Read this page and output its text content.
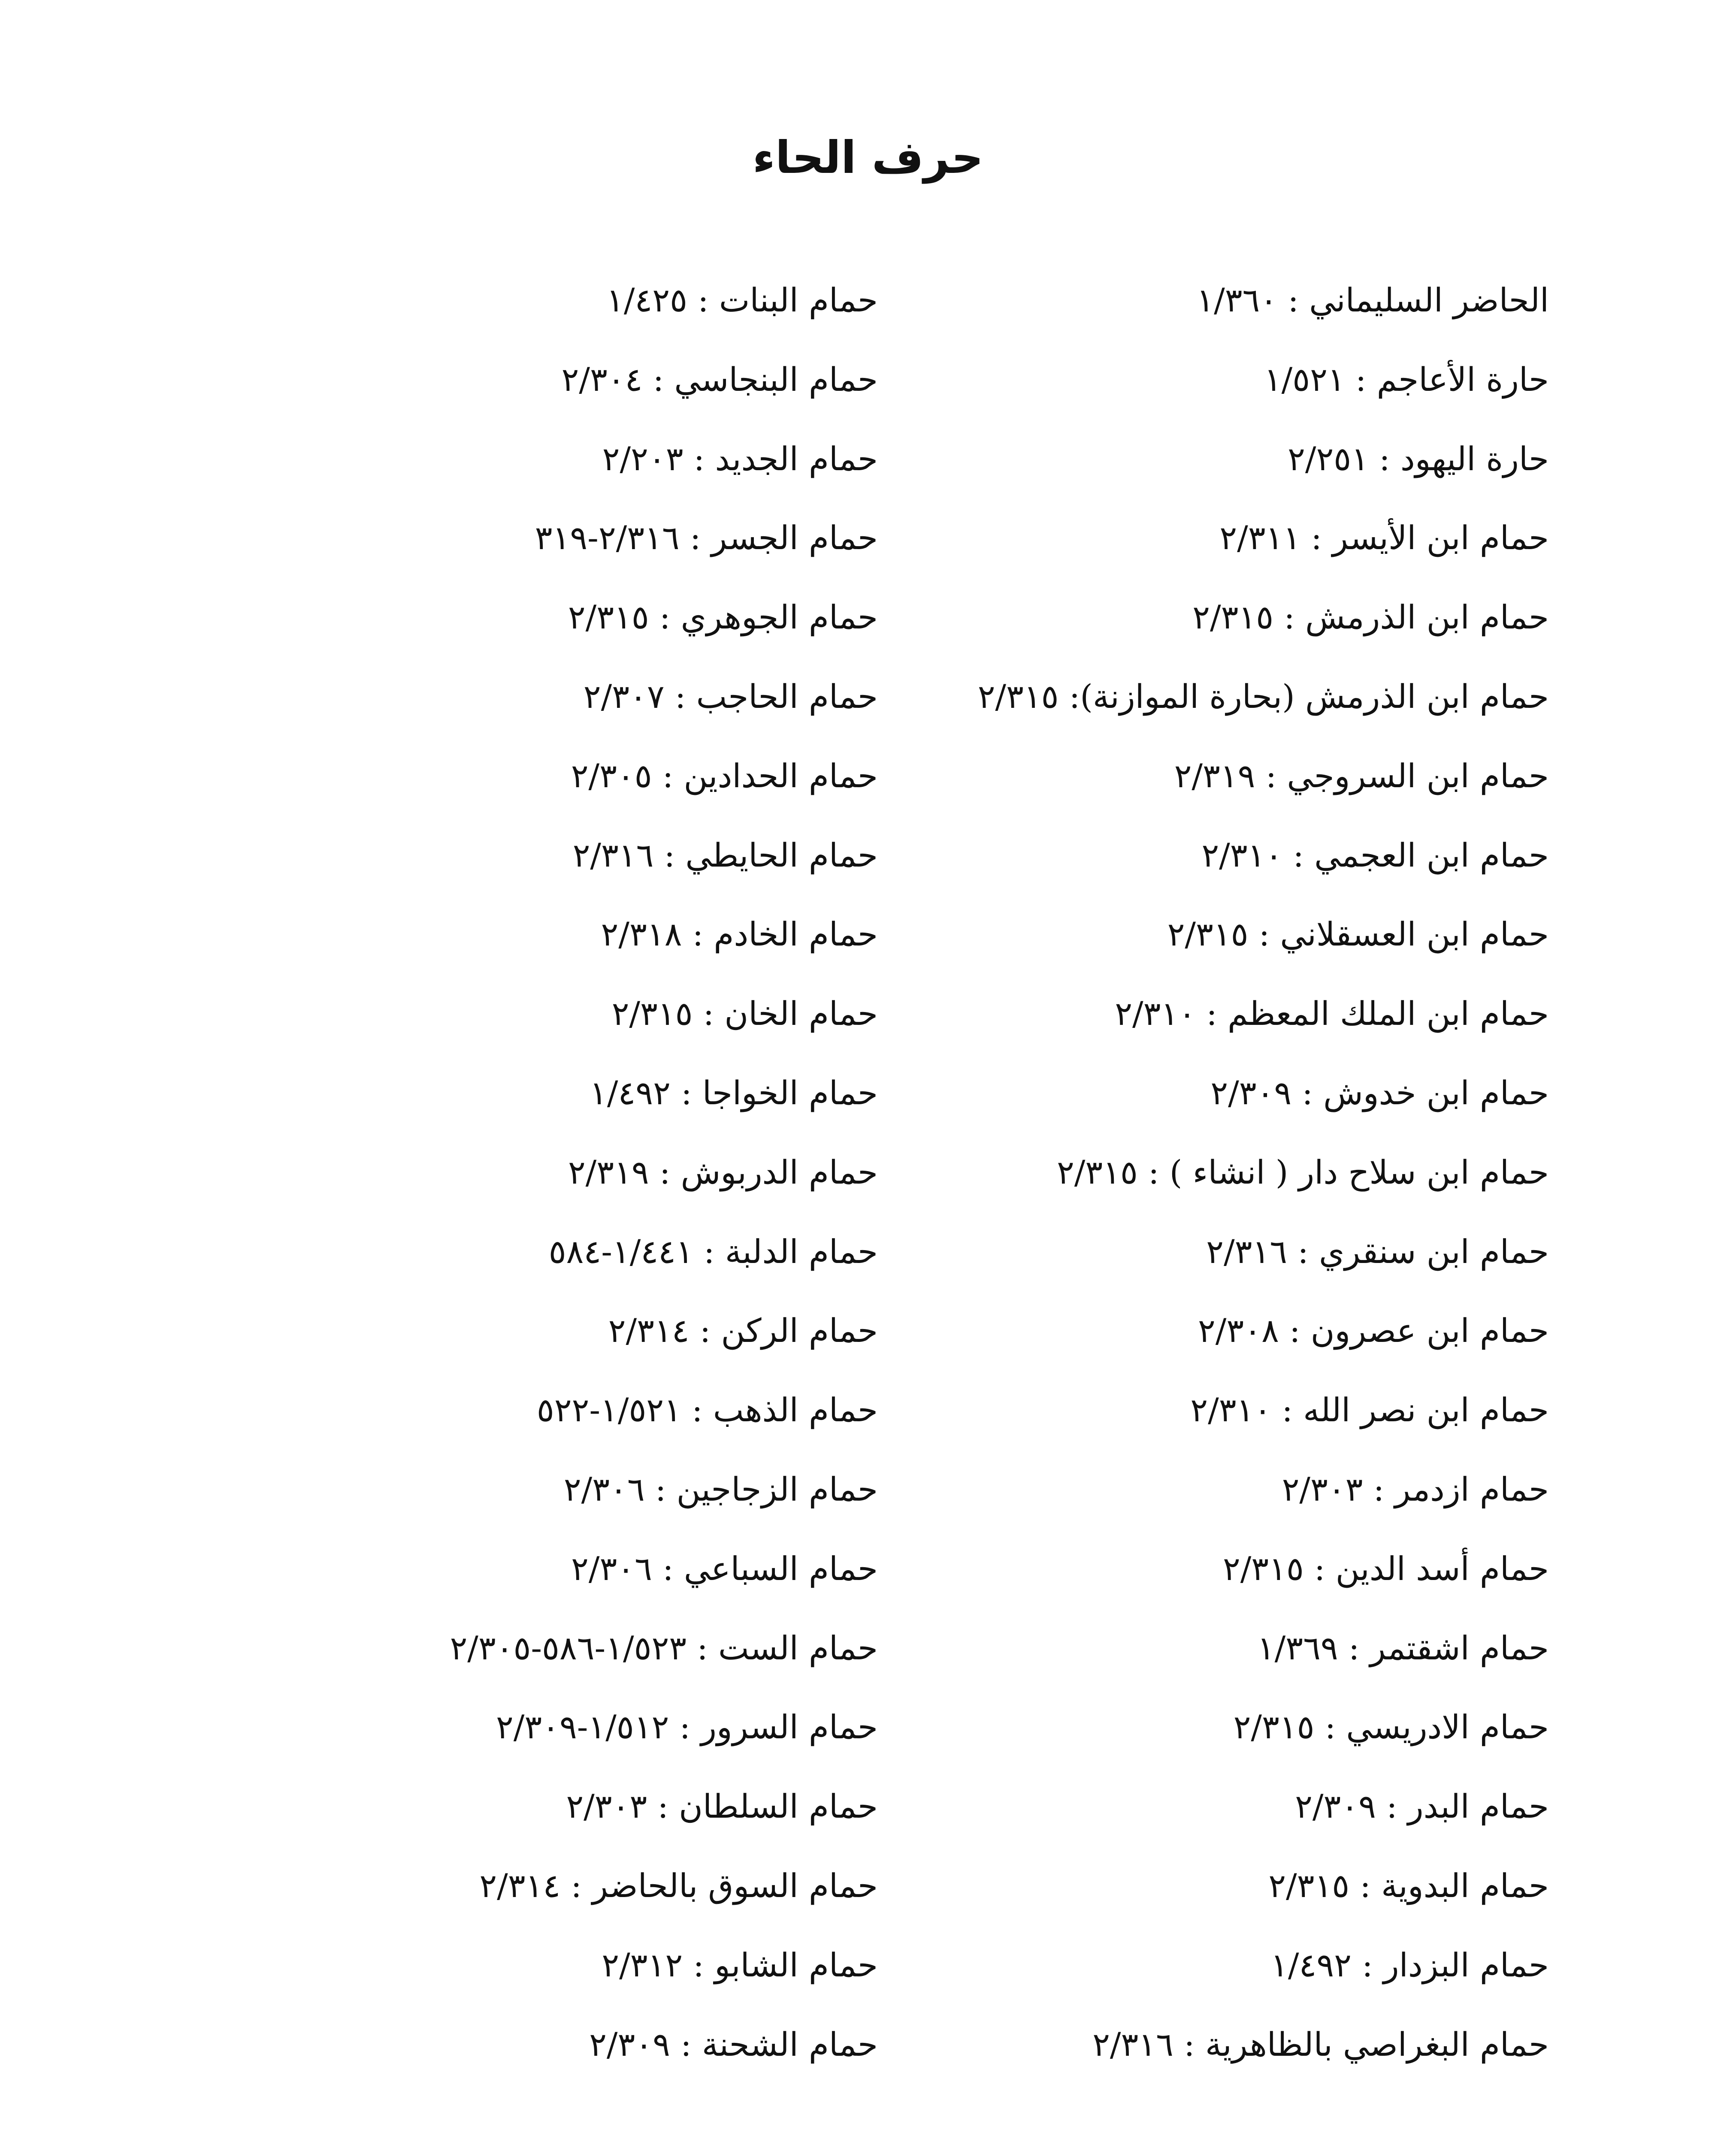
حرف الحاء
الحاضر السليماني : ١/٣٦٠
حارة الأعاجم : ١/٥٢١
حارة اليهود : ٢/٢٥١
حمام ابن الأيسر : ٢/٣١١
حمام ابن الذرمش : ٢/٣١٥
حمام ابن الذرمش (بحارة الموازنة): ٢/٣١٥
حمام ابن السروجي : ٢/٣١٩
حمام ابن العجمي : ٢/٣١٠
حمام ابن العسقلاني : ٢/٣١٥
حمام ابن الملك المعظم : ٢/٣١٠
حمام ابن خدوش : ٢/٣٠٩
حمام ابن سلاح دار ( انشاء ) : ٢/٣١٥
حمام ابن سنقري : ٢/٣١٦
حمام ابن عصرون : ٢/٣٠٨
حمام ابن نصر الله : ٢/٣١٠
حمام ازدمر : ٢/٣٠٣
حمام أسد الدين : ٢/٣١٥
حمام اشقتمر : ١/٣٦٩
حمام الادريسي : ٢/٣١٥
حمام البدر : ٢/٣٠٩
حمام البدوية : ٢/٣١٥
حمام البزدار : ١/٤٩٢
حمام البغراصي بالظاهرية : ٢/٣١٦
حمام البنات : ١/٤٢٥
حمام البنجاسي : ٢/٣٠٤
حمام الجديد : ٢/٢٠٣
حمام الجسر : ٢/٣١٦-٣١٩
حمام الجوهري : ٢/٣١٥
حمام الحاجب : ٢/٣٠٧
حمام الحدادين : ٢/٣٠٥
حمام الحايطي : ٢/٣١٦
حمام الخادم : ٢/٣١٨
حمام الخان : ٢/٣١٥
حمام الخواجا : ١/٤٩٢
حمام الدربوش : ٢/٣١٩
حمام الدلبة : ١/٤٤١-٥٨٤
حمام الركن : ٢/٣١٤
حمام الذهب : ١/٥٢١-٥٢٢
حمام الزجاجين : ٢/٣٠٦
حمام السباعي : ٢/٣٠٦
حمام الست : ١/٥٢٣-٥٨٦-٢/٣٠٥
حمام السرور : ١/٥١٢-٢/٣٠٩
حمام السلطان : ٢/٣٠٣
حمام السوق بالحاضر : ٢/٣١٤
حمام الشابو : ٢/٣١٢
حمام الشحنة : ٢/٣٠٩
